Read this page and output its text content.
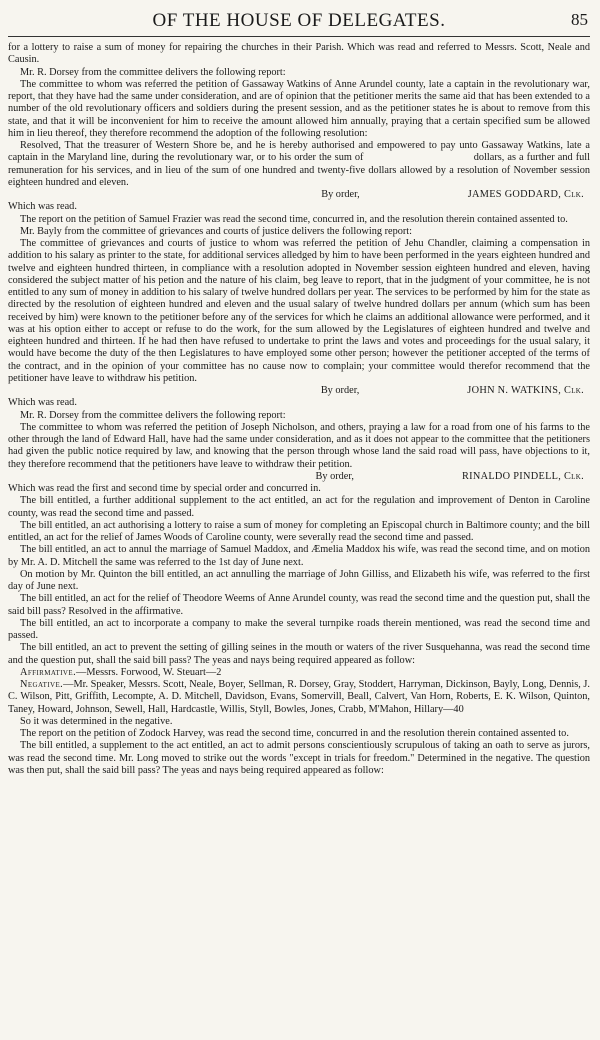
OF THE HOUSE OF DELEGATES.	85

for a lottery to raise a sum of money for repairing the churches in their Parish. Which was read and referred to Messrs. Scott, Neale and Causin.

Mr. R. Dorsey from the committee delivers the following report:

The committee to whom was referred the petition of Gassaway Watkins of Anne Arundel county, late a captain in the revolutionary war, report, that they have had the same under consideration, and are of opinion that the petitioner merits the same aid that has been extended to a number of the old revolutionary officers and soldiers during the present session, and as the petitioner states he is about to remove from this state, and that it will be inconvenient for him to receive the amount allowed him annually, praying that a certain specified sum be allowed him in lieu thereof, they therefore recommend the adoption of the following resolution:

Resolved, That the treasurer of Western Shore be, and he is hereby authorised and empowered to pay unto Gassaway Watkins, late a captain in the Maryland line, during the revolutionary war, or to his order the sum of                                    dollars, as a further and full remuneration for his services, and in lieu of the sum of one hundred and twenty-five dollars allowed by a resolution of November session eighteen hundred and eleven.

By order,	JAMES GODDARD, Clk.

Which was read.

The report on the petition of Samuel Frazier was read the second time, concurred in, and the resolution therein contained assented to.

Mr. Bayly from the committee of grievances and courts of justice delivers the following report:

The committee of grievances and courts of justice to whom was referred the petition of Jehu Chandler, claiming a compensation in addition to his salary as printer to the state, for additional services alledged by him to have been performed in the years eighteen hundred and twelve and eighteen hundred thirteen, in compliance with a resolution adopted in November session eighteen hundred and eleven, having considered the subject matter of his petion and the nature of his claim, beg leave to report, that in the judgment of your committee, he is not entitled to any sum of money in addition to his salary of twelve hundred dollars per year. The services to be performed by him for the state as directed by the resolution of eighteen hundred and eleven and the usual salary of twelve hundred dollars per annum (which sum has been received by him) were known to the petitioner before any of the services for which he claims an additional allowance were performed, and it was at his option either to accept or refuse to do the work, for the sum allowed by the Legislatures of eighteen hundred and twelve and eighteen hundred and thirteen. If he had then have refused to undertake to print the laws and votes and proceedings for the usual salary, it would have become the duty of the then Legislatures to have employed some other person; however the petitioner accepted of the terms of the contract, and in the opinion of your committee has no cause now to complain; your committee would therefor recommend that the petitioner have leave to withdraw his petition.

By order,	JOHN N. WATKINS, Clk.

Which was read.

Mr. R. Dorsey from the committee delivers the following report:

The committee to whom was referred the petition of Joseph Nicholson, and others, praying a law for a road from one of his farms to the other through the land of Edward Hall, have had the same under consideration, and as it does not appear to the committee that the petitioners had given the public notice required by law, and knowing that the person through whose land the said road will pass, have objections to it, they therefore recommend that the petitioners have leave to withdraw their petition.

By order,	RINALDO PINDELL, Clk.

Which was read the first and second time by special order and concurred in.

The bill entitled, a further additional supplement to the act entitled, an act for the regulation and improvement of Denton in Caroline county, was read the second time and passed.

The bill entitled, an act authorising a lottery to raise a sum of money for completing an Episcopal church in Baltimore county; and the bill entitled, an act for the relief of James Woods of Caroline county, were severally read the second time and passed.

The bill entitled, an act to annul the marriage of Samuel Maddox, and Æmelia Maddox his wife, was read the second time, and on motion by Mr. A. D. Mitchell the same was referred to the 1st day of June next.

On motion by Mr. Quinton the bill entitled, an act annulling the marriage of John Gilliss, and Elizabeth his wife, was referred to the first day of June next.

The bill entitled, an act for the relief of Theodore Weems of Anne Arundel county, was read the second time and the question put, shall the said bill pass? Resolved in the affirmative.

The bill entitled, an act to incorporate a company to make the several turnpike roads therein mentioned, was read the second time and passed.

The bill entitled, an act to prevent the setting of gilling seines in the mouth or waters of the river Susquehanna, was read the second time and the question put, shall the said bill pass? The yeas and nays being required appeared as follow:

Affirmative.—Messrs. Forwood, W. Steuart—2

Negative.—Mr. Speaker, Messrs. Scott, Neale, Boyer, Sellman, R. Dorsey, Gray, Stoddert, Harryman, Dickinson, Bayly, Long, Dennis, J. C. Wilson, Pitt, Griffith, Lecompte, A. D. Mitchell, Davidson, Evans, Somervill, Beall, Calvert, Van Horn, Roberts, E. K. Wilson, Quinton, Taney, Howard, Johnson, Sewell, Hall, Hardcastle, Willis, Styll, Bowles, Jones, Crabb, M'Mahon, Hillary—40

So it was determined in the negative.

The report on the petition of Zodock Harvey, was read the second time, concurred in and the resolution therein contained assented to.

The bill entitled, a supplement to the act entitled, an act to admit persons conscientiously scrupulous of taking an oath to serve as jurors, was read the second time. Mr. Long moved to strike out the words "except in trials for freedom." Determined in the negative. The question was then put, shall the said bill pass? The yeas and nays being required appeared as follow:
